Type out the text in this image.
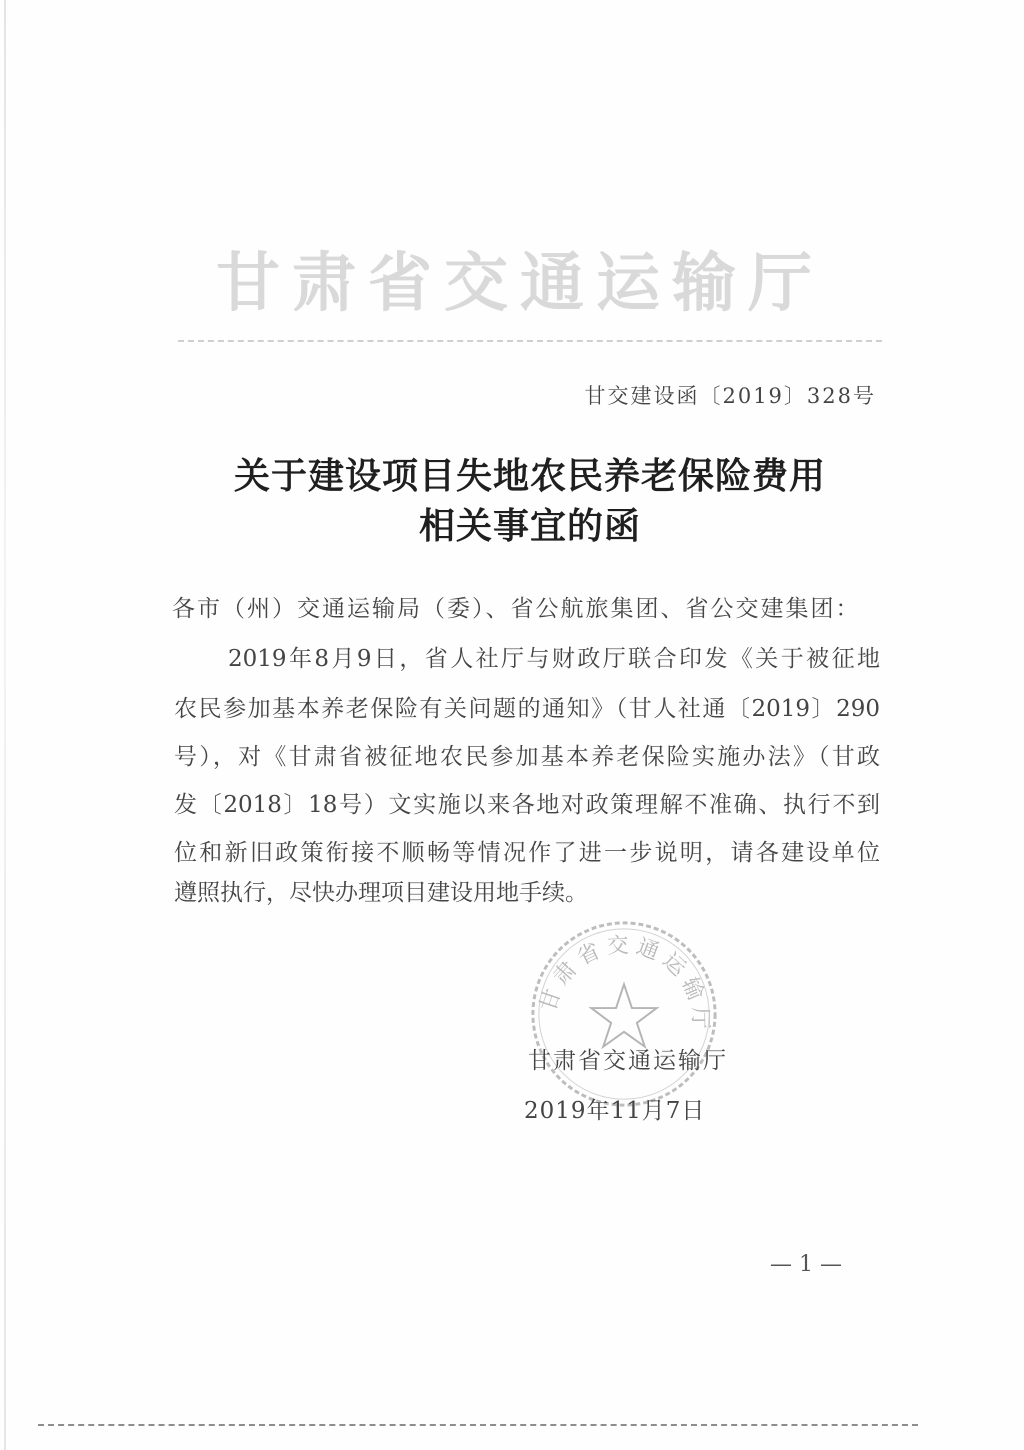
甘肃省交通运输厅
甘交建设函〔2019〕328号
关于建设项目失地农民养老保险费用
相关事宜的函
各市（州）交通运输局（委）、省公航旅集团、省公交建集团：
2019年8月9日，省人社厅与财政厅联合印发《关于被征地
农民参加基本养老保险有关问题的通知》（甘人社通〔2019〕290
号），对《甘肃省被征地农民参加基本养老保险实施办法》（甘政
发〔2018〕18号）文实施以来各地对政策理解不准确、执行不到
位和新旧政策衔接不顺畅等情况作了进一步说明，请各建设单位
遵照执行，尽快办理项目建设用地手续。
甘肃省交通运输厅
甘肃省交通运输厅
2019年11月7日
— 1 —
